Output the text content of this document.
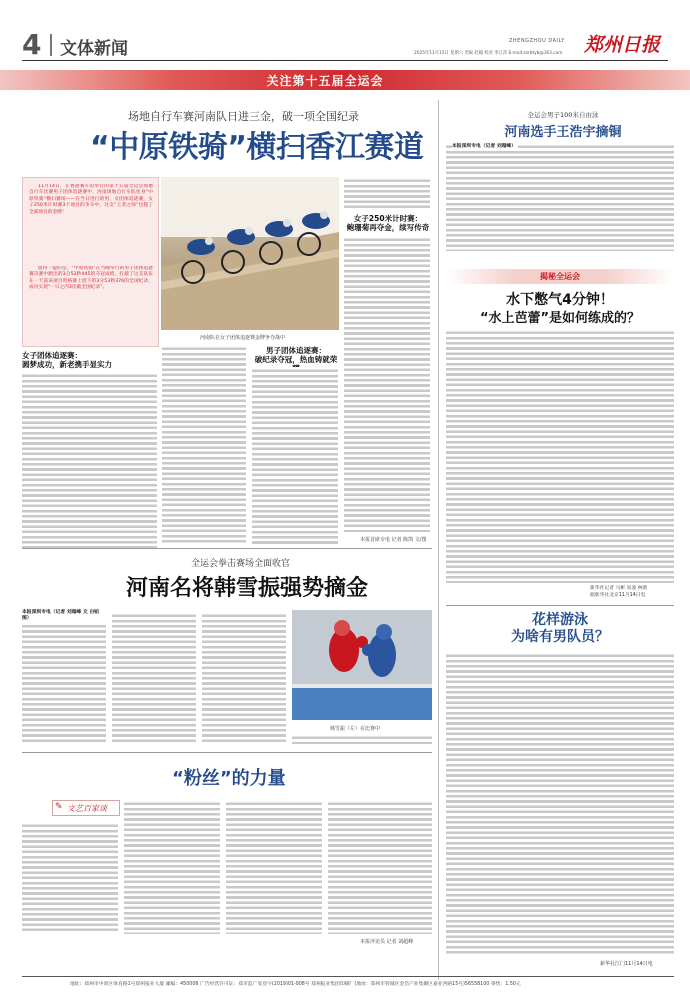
4 文体新闻	ZHENGZHOU DAILY 郑州日报
2025年11月15日 星期六 责编 赵翰 校对 李江萍 E-mail:zzrbtyb@163.com
关注第十五届全运会
场地自行车赛河南队日进三金，破一项全国纪录
“中原铁骑”横扫香江赛道
11月14日，在香港赛车馆举行的第十五届全运会场地自行车比赛男子团体追逐赛中，河南场地自行车队化身“中原铁骑”横扫赛场——在当日进行的男、女团体追逐赛，女子250米计时赛3个项目的争夺中，这支“王者之师”包揽了全部项目的金牌！
值得一提的是，“中原铁骑”在当晚举行的男子团体追逐赛决赛中跑出的3分52秒445的夺冠成绩，打破了这支队伍在一天前该项目资格赛上创下的3分53秒376的全国纪录，成功实现“一日之内3次破全国纪录”。
河南队在女子团体追逐赛金牌争夺战中
女子团体追逐赛：
圆梦成功，新老携手显实力
男子团体追逐赛：
破纪录夺冠，热血铸就荣
女子250米计时赛：
鲍珊菊再夺金，续写传奇
本报首席专电 记者 陈凯 文/图
全运会男子100米自由泳
河南选手王浩宇摘铜
本报深圳专电（记者 刘超峰）
揭秘全运会
水下憋气4分钟！
“水上芭蕾”是如何练成的？
新华社记者 马彬 易凌 林蕾
据新华社北京11月14日电
全运会拳击赛场全面收官
河南名将韩雪振强势摘金
本报深圳专电（记者 刘超峰 文 白铂图）
韩雪振（左）在比赛中
花样游泳
为啥有男队员？
新华社江门11月14日电
“粉丝”的力量
文艺百家谈
✎
本报评论员 记者 刘超峰
地址：郑州市中原区体育路1号郑州报业大厦 邮编：450006 广告经营许可证：郑市监广发登字(2019)01-008号 郑州报业集团印刷厂(地址：郑州市管城区金岱产业集聚区嘉业西路15号)56558100 零售：1.50元
